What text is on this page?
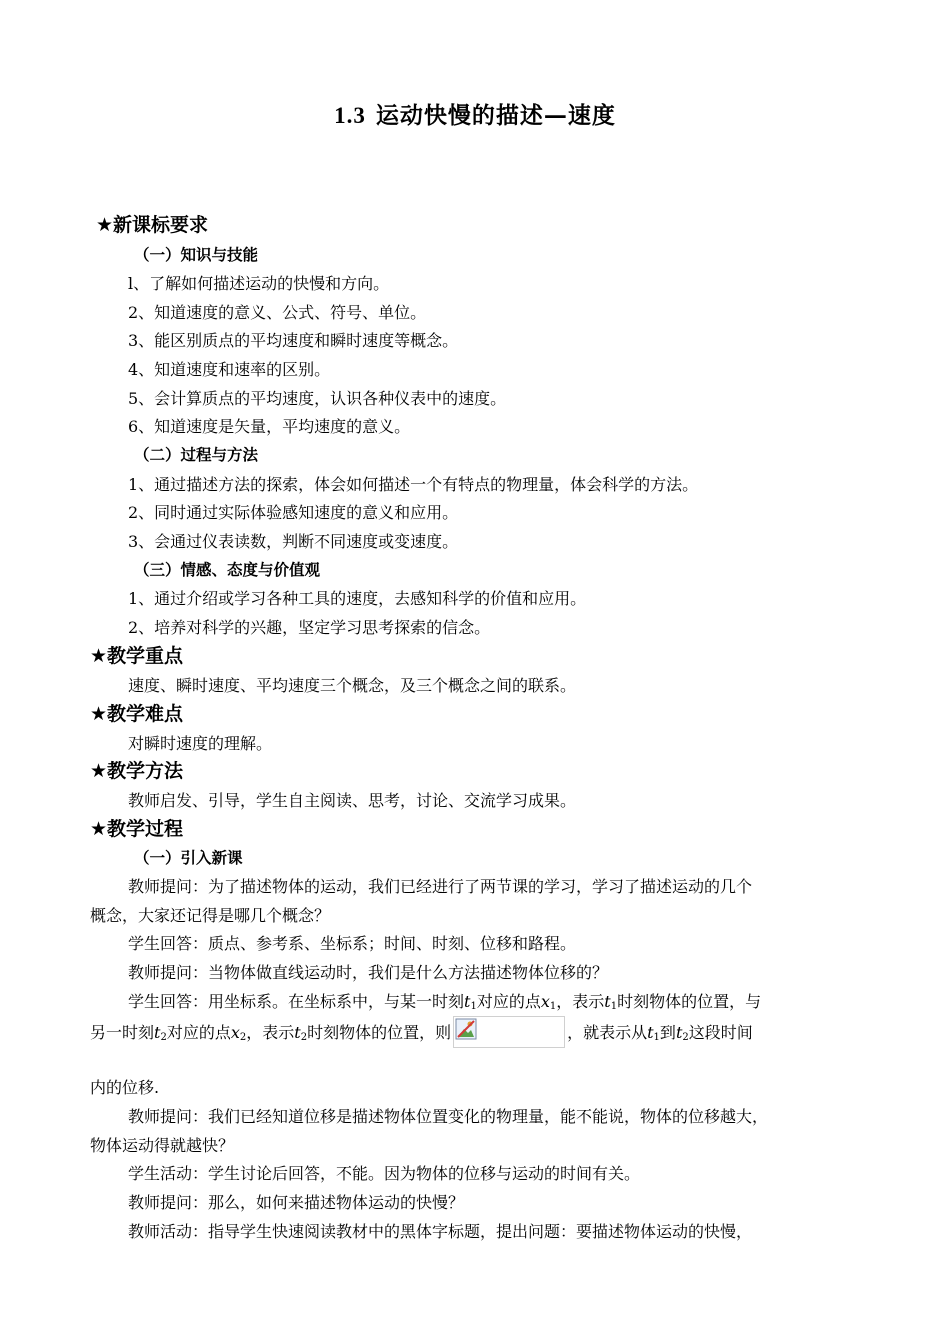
1.3 运动快慢的描述—速度
★新课标要求
（一）知识与技能
l、了解如何描述运动的快慢和方向。
2、知道速度的意义、公式、符号、单位。
3、能区别质点的平均速度和瞬时速度等概念。
4、知道速度和速率的区别。
5、会计算质点的平均速度，认识各种仪表中的速度。
6、知道速度是矢量，平均速度的意义。
（二）过程与方法
1、通过描述方法的探索，体会如何描述一个有特点的物理量，体会科学的方法。
2、同时通过实际体验感知速度的意义和应用。
3、会通过仪表读数，判断不同速度或变速度。
（三）情感、态度与价值观
1、通过介绍或学习各种工具的速度，去感知科学的价值和应用。
2、培养对科学的兴趣，坚定学习思考探索的信念。
★教学重点
速度、瞬时速度、平均速度三个概念，及三个概念之间的联系。
★教学难点
对瞬时速度的理解。
★教学方法
教师启发、引导，学生自主阅读、思考，讨论、交流学习成果。
★教学过程
（一）引入新课
教师提问：为了描述物体的运动，我们已经进行了两节课的学习，学习了描述运动的几个
概念，大家还记得是哪几个概念？
学生回答：质点、参考系、坐标系；时间、时刻、位移和路程。
教师提问：当物体做直线运动时，我们是什么方法描述物体位移的？
学生回答：用坐标系。在坐标系中，与某一时刻$t_1$对应的点$x_1$，表示$t_1$时刻物体的位置，与
另一时刻$t_2$对应的点$x_2$，表示$t_2$时刻物体的位置，则	，就表示从$t_1$到$t_2$这段时间
内的位移.
教师提问：我们已经知道位移是描述物体位置变化的物理量，能不能说，物体的位移越大，
物体运动得就越快？
学生活动：学生讨论后回答，不能。因为物体的位移与运动的时间有关。
教师提问：那么，如何来描述物体运动的快慢？
教师活动：指导学生快速阅读教材中的黑体字标题，提出问题：要描述物体运动的快慢，
